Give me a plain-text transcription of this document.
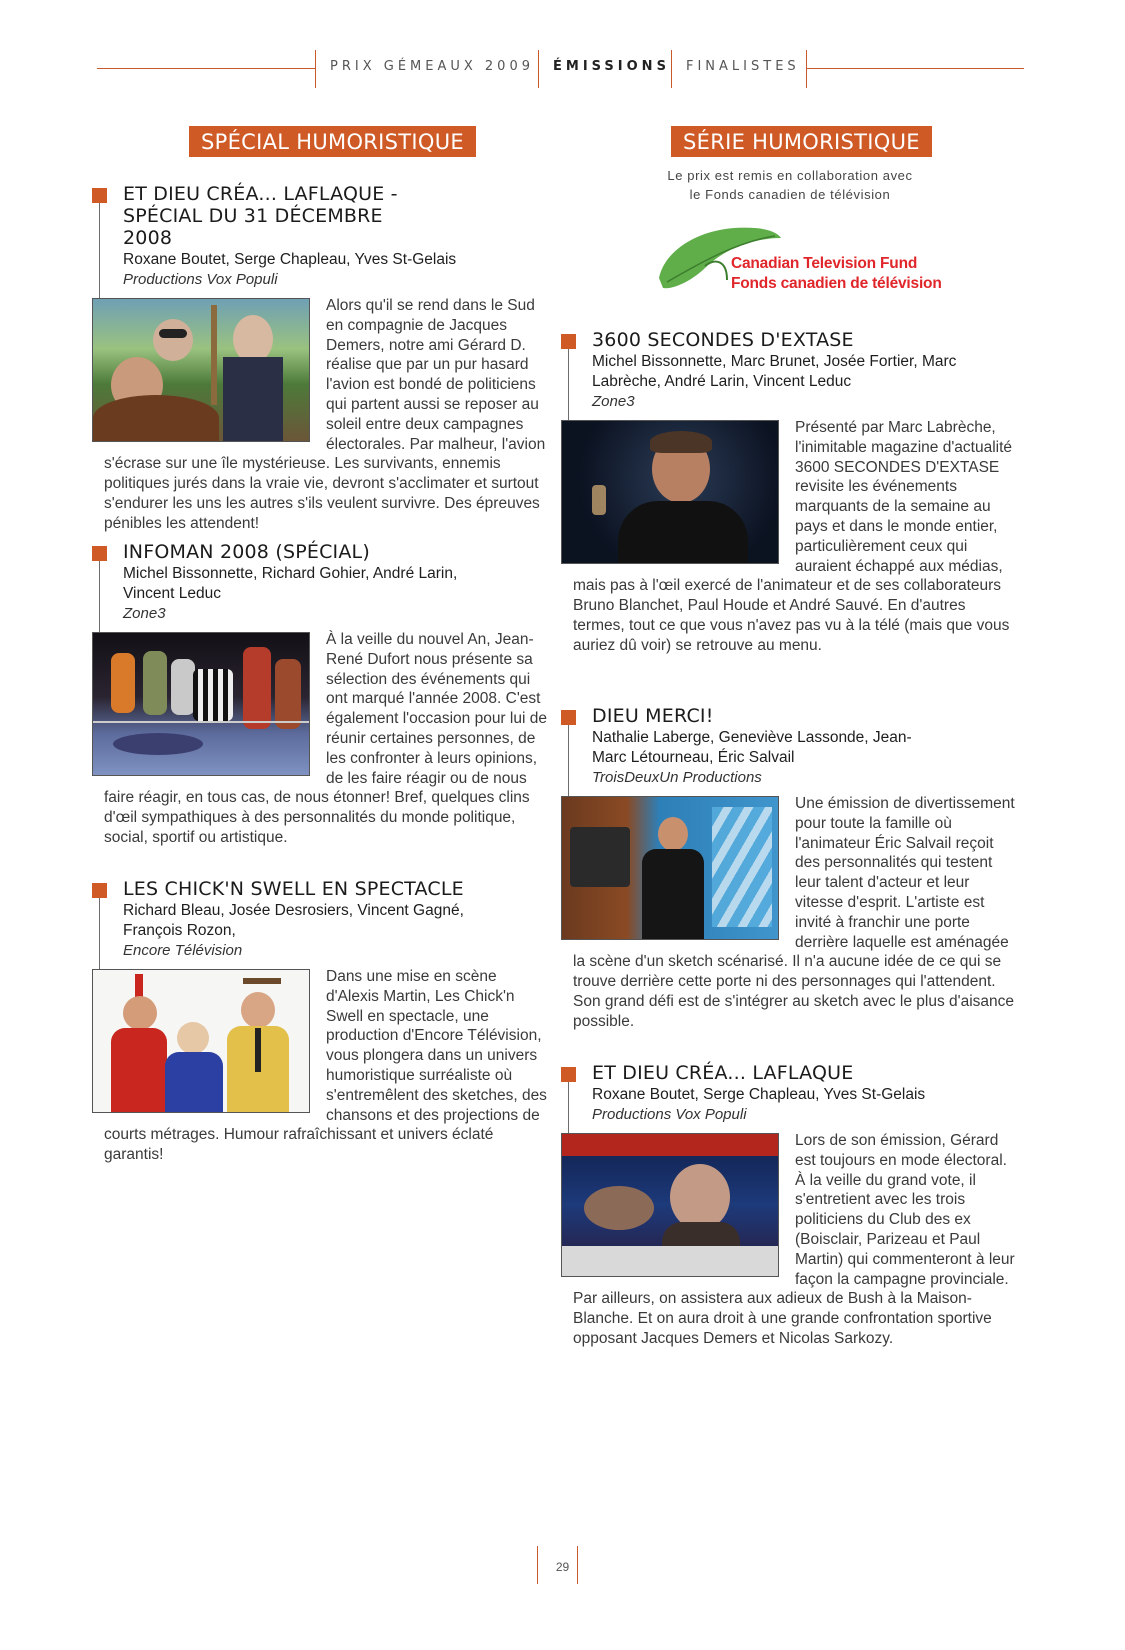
PRIX GÉMEAUX 2009 ÉMISSIONS FINALISTES
SPÉCIAL HUMORISTIQUE
ET DIEU CRÉA... LAFLAQUE - SPÉCIAL DU 31 DÉCEMBRE 2008
Roxane Boutet, Serge Chapleau, Yves St-Gelais
Productions Vox Populi
Alors qu'il se rend dans le Sud en compagnie de Jacques Demers, notre ami Gérard D. réalise que par un pur hasard l'avion est bondé de politiciens qui partent aussi se reposer au soleil entre deux campagnes électorales. Par malheur, l'avion s'écrase sur une île mystérieuse. Les survivants, ennemis politiques jurés dans la vraie vie, devront s'acclimater et surtout s'endurer les uns les autres s'ils veulent survivre. Des épreuves pénibles les attendent!
INFOMAN 2008 (SPÉCIAL)
Michel Bissonnette, Richard Gohier, André Larin, Vincent Leduc
Zone3
À la veille du nouvel An, Jean-René Dufort nous présente sa sélection des événements qui ont marqué l'année 2008. C'est également l'occasion pour lui de réunir certaines personnes, de les confronter à leurs opinions, de les faire réagir ou de nous faire réagir, en tous cas, de nous étonner! Bref, quelques clins d'œil sympathiques à des personnalités du monde politique, social, sportif ou artistique.
LES CHICK'N SWELL EN SPECTACLE
Richard Bleau, Josée Desrosiers, Vincent Gagné, François Rozon,
Encore Télévision
Dans une mise en scène d'Alexis Martin, Les Chick'n Swell en spectacle, une production d'Encore Télévision, vous plongera dans un univers humoristique surréaliste où s'entremêlent des sketches, des chansons et des projections de courts métrages. Humour rafraîchissant et univers éclaté garantis!
SÉRIE HUMORISTIQUE
Le prix est remis en collaboration avec le Fonds canadien de télévision
Canadian Television Fund
Fonds canadien de télévision
3600 SECONDES D'EXTASE
Michel Bissonnette, Marc Brunet, Josée Fortier, Marc Labrèche, André Larin, Vincent Leduc
Zone3
Présenté par Marc Labrèche, l'inimitable magazine d'actualité 3600 SECONDES D'EXTASE revisite les événements marquants de la semaine au pays et dans le monde entier, particulièrement ceux qui auraient échappé aux médias, mais pas à l'œil exercé de l'animateur et de ses collaborateurs Bruno Blanchet, Paul Houde et André Sauvé. En d'autres termes, tout ce que vous n'avez pas vu à la télé (mais que vous auriez dû voir) se retrouve au menu.
DIEU MERCI!
Nathalie Laberge, Geneviève Lassonde, Jean-Marc Létourneau, Éric Salvail
TroisDeuxUn Productions
Une émission de divertissement pour toute la famille où l'animateur Éric Salvail reçoit des personnalités qui testent leur talent d'acteur et leur vitesse d'esprit. L'artiste est invité à franchir une porte derrière laquelle est aménagée la scène d'un sketch scénarisé. Il n'a aucune idée de ce qui se trouve derrière cette porte ni des personnages qui l'attendent. Son grand défi est de s'intégrer au sketch avec le plus d'aisance possible.
ET DIEU CRÉA... LAFLAQUE
Roxane Boutet, Serge Chapleau, Yves St-Gelais
Productions Vox Populi
Lors de son émission, Gérard est toujours en mode électoral. À la veille du grand vote, il s'entretient avec les trois politiciens du Club des ex (Boisclair, Parizeau et Paul Martin) qui commenteront à leur façon la campagne provinciale. Par ailleurs, on assistera aux adieux de Bush à la Maison-Blanche. Et on aura droit à une grande confrontation sportive opposant Jacques Demers et Nicolas Sarkozy.
29
